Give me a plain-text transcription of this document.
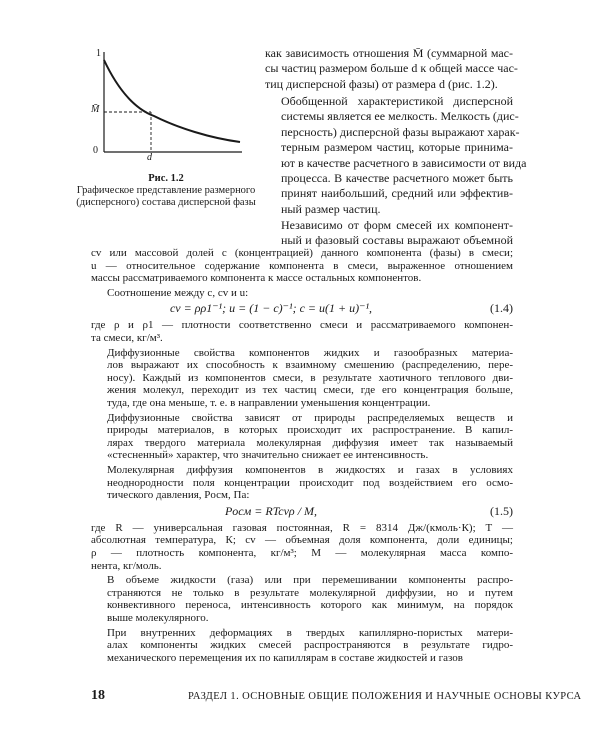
1
M̄
0
d
Рис. 1.2
Графическое представление размерного (дисперсного) состава дисперсной фазы

как зависимость отношения M̄ (суммарной мас-
сы частиц размером больше d к общей массе час-
тиц дисперсной фазы) от размера d (рис. 1.2).

Обобщенной характеристикой дисперсной
системы является ее мелкость. Мелкость (дис-
персность) дисперсной фазы выражают харак-
терным размером частиц, которые принима-
ют в качестве расчетного в зависимости от вида
процесса. В качестве расчетного может быть
принят наибольший, средний или эффектив-
ный размер частиц.

Независимо от форм смесей их компонент-
ный и фазовый составы выражают объемной

cv или массовой долей c (концентрацией) данного компонента (фазы) в смеси;
u — относительное содержание компонента в смеси, выраженное отношением
массы рассматриваемого компонента к массе остальных компонентов.

Соотношение между c, cv и u:

cv = ρρ1⁻¹; u = (1 − c)⁻¹; c = u(1 + u)⁻¹,	(1.4)

где ρ и ρ1 — плотности соответственно смеси и рассматриваемого компонен-
та смеси, кг/м³.

Диффузионные свойства компонентов жидких и газообразных материа-
лов выражают их способность к взаимному смешению (распределению, пере-
носу). Каждый из компонентов смеси, в результате хаотичного теплового дви-
жения молекул, переходит из тех частиц смеси, где его концентрация больше,
туда, где она меньше, т. е. в направлении уменьшения концентрации.

Диффузионные свойства зависят от природы распределяемых веществ и
природы материалов, в которых происходит их распространение. В капил-
лярах твердого материала молекулярная диффузия имеет так называемый
«стесненный» характер, что значительно снижает ее интенсивность.

Молекулярная диффузия компонентов в жидкостях и газах в условиях
неоднородности поля концентрации происходит под воздействием его осмо-
тического давления, Pосм, Па:

Pосм = RTcvρ / M,	(1.5)

где R — универсальная газовая постоянная, R = 8314 Дж/(кмоль·К); T —
абсолютная температура, К; cv — объемная доля компонента, доли единицы;
ρ — плотность компонента, кг/м³; M — молекулярная масса компо-
нента, кг/моль.

В объеме жидкости (газа) или при перемешивании компоненты распро-
страняются не только в результате молекулярной диффузии, но и путем
конвективного переноса, интенсивность которого как минимум, на порядок
выше молекулярного.

18	РАЗДЕЛ 1. ОСНОВНЫЕ ОБЩИЕ ПОЛОЖЕНИЯ И НАУЧНЫЕ ОСНОВЫ КУРСА

При внутренних деформациях в твердых капиллярно-пористых матери-
алах компоненты жидких смесей распространяются в результате гидро-
механического перемещения их по капиллярам в составе жидкостей и газов
